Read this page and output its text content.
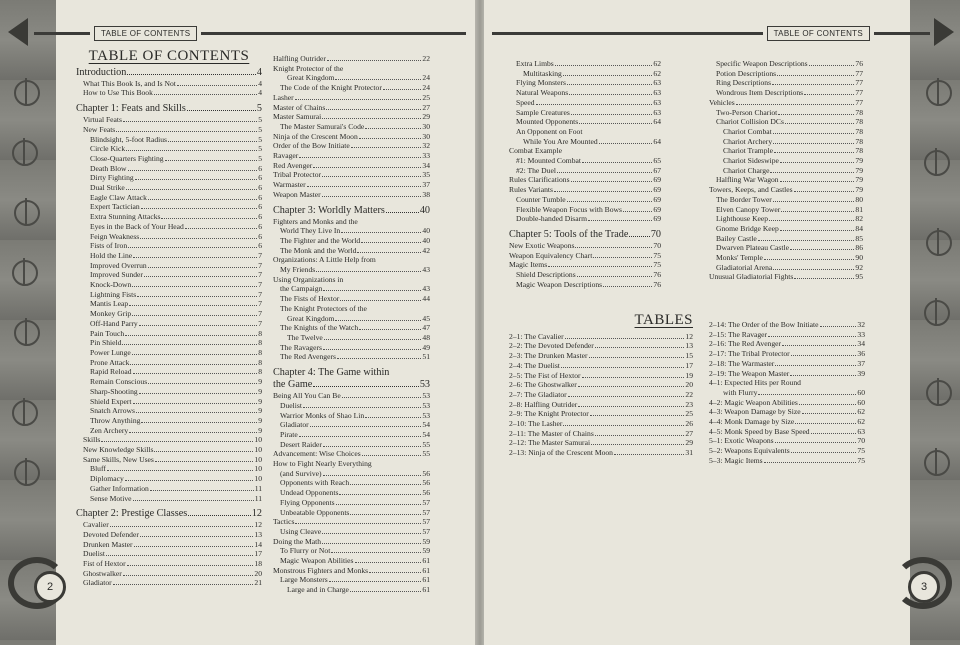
TABLE OF CONTENTS	TABLE OF CONTENTS
TABLE OF CONTENTS
Introduction	4
What This Book Is, and Is Not	4
How to Use This Book	4
Chapter 1: Feats and Skills	5
Virtual Feats	5
New Feats	5
Blindsight, 5-foot Radius	5
Circle Kick	5
Close-Quarters Fighting	5
Death Blow	6
Dirty Fighting	6
Dual Strike	6
Eagle Claw Attack	6
Expert Tactician	6
Extra Stunning Attacks	6
Eyes in the Back of Your Head	6
Feign Weakness	6
Fists of Iron	6
Hold the Line	7
Improved Overrun	7
Improved Sunder	7
Knock-Down	7
Lightning Fists	7
Mantis Leap	7
Monkey Grip	7
Off-Hand Parry	7
Pain Touch	8
Pin Shield	8
Power Lunge	8
Prone Attack	8
Rapid Reload	8
Remain Conscious	9
Sharp-Shooting	9
Shield Expert	9
Snatch Arrows	9
Throw Anything	9
Zen Archery	9
Skills	10
New Knowledge Skills	10
Same Skills, New Uses	10
Bluff	10
Diplomacy	10
Gather Information	11
Sense Motive	11
Chapter 2: Prestige Classes	12
Cavalier	12
Devoted Defender	13
Drunken Master	14
Duelist	17
Fist of Hextor	18
Ghostwalker	20
Gladiator	21
Halfling Outrider	22
Knight Protector of the
Great Kingdom	24
The Code of the Knight Protector	24
Lasher	25
Master of Chains	27
Master Samurai	29
The Master Samurai's Code	30
Ninja of the Crescent Moon	30
Order of the Bow Initiate	32
Ravager	33
Red Avenger	34
Tribal Protector	35
Warmaster	37
Weapon Master	38
Chapter 3: Worldly Matters	40
Fighters and Monks and the
World They Live In	40
The Fighter and the World	40
The Monk and the World	42
Organizations: A Little Help from
My Friends	43
Using Organizations in
the Campaign	43
The Fists of Hextor	44
The Knight Protectors of the
Great Kingdom	45
The Knights of the Watch	47
The Twelve	48
The Ravagers	49
The Red Avengers	51
Chapter 4: The Game within
the Game	53
Being All You Can Be	53
Duelist	53
Warrior Monks of Shao Lin	53
Gladiator	54
Pirate	54
Desert Raider	55
Advancement: Wise Choices	55
How to Fight Nearly Everything
(and Survive)	56
Opponents with Reach	56
Undead Opponents	56
Flying Opponents	57
Unbeatable Opponents	57
Tactics	57
Using Cleave	57
Doing the Math	59
To Flurry or Not	59
Magic Weapon Abilities	61
Monstrous Fighters and Monks	61
Large Monsters	61
Large and in Charge	61
Extra Limbs	62
Multitasking	62
Flying Monsters	63
Natural Weapons	63
Speed	63
Sample Creatures	63
Mounted Opponents	64
An Opponent on Foot
While You Are Mounted	64
Combat Example
#1: Mounted Combat	65
#2: The Duel	67
Rules Clarifications	69
Rules Variants	69
Counter Tumble	69
Flexible Weapon Focus with Bows	69
Double-handed Disarm	69
Chapter 5: Tools of the Trade 70
New Exotic Weapons	70
Weapon Equivalency Chart	75
Magic Items	75
Shield Descriptions	76
Magic Weapon Descriptions	76
Specific Weapon Descriptions	76
Potion Descriptions	77
Ring Descriptions	77
Wondrous Item Descriptions	77
Vehicles	77
Two-Person Chariot	78
Chariot Collision DCs	78
Chariot Combat	78
Chariot Archery	78
Chariot Trample	78
Chariot Sideswipe	79
Chariot Charge	79
Halfling War Wagon	79
Towers, Keeps, and Castles	79
The Border Tower	80
Elven Canopy Tower	81
Lighthouse Keep	82
Gnome Bridge Keep	84
Bailey Castle	85
Dwarven Plateau Castle	86
Monks' Temple	90
Gladiatorial Arena	92
Unusual Gladiatorial Fights	95
TABLES
2–1: The Cavalier	12
2–2: The Devoted Defender	13
2–3: The Drunken Master	15
2–4: The Duelist	17
2–5: The Fist of Hextor	19
2–6: The Ghostwalker	20
2–7: The Gladiator	22
2–8: Halfling Outrider	23
2–9: The Knight Protector	25
2–10: The Lasher	26
2–11: The Master of Chains	27
2–12: The Master Samurai	29
2–13: Ninja of the Crescent Moon	31
2–14: The Order of the Bow Initiate	32
2–15: The Ravager	33
2–16: The Red Avenger	34
2–17: The Tribal Protector	36
2–18: The Warmaster	37
2–19: The Weapon Master	39
4–1: Expected Hits per Round
with Flurry	60
4–2: Magic Weapon Abilities	60
4–3: Weapon Damage by Size	62
4–4: Monk Damage by Size	62
4–5: Monk Speed by Base Speed	63
5–1: Exotic Weapons	70
5–2: Weapons Equivalents	75
5–3: Magic Items	75
2	3
